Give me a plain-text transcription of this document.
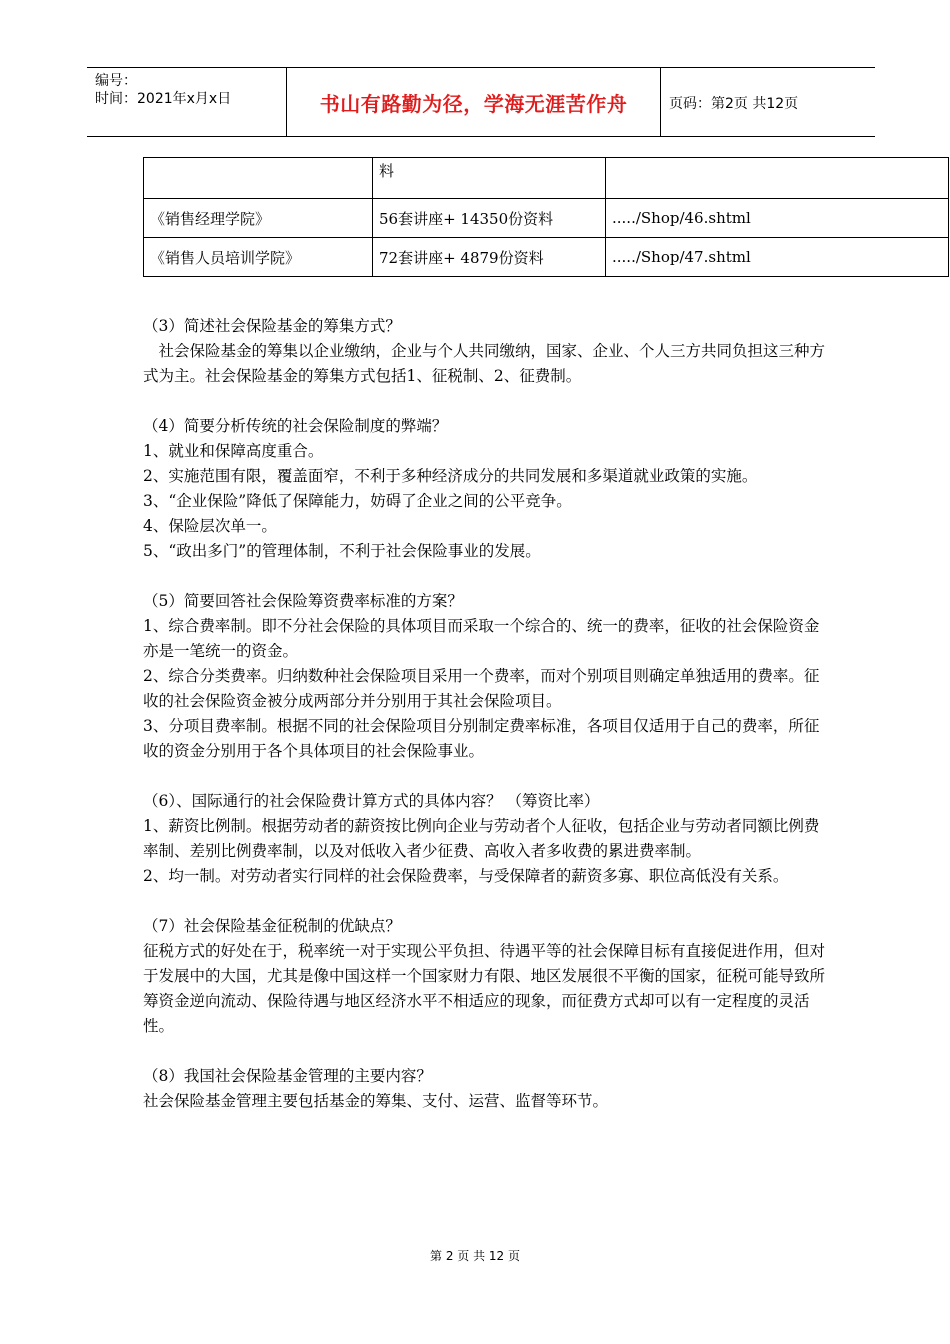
编号：
时间：2021年x月x日	书山有路勤为径，学海无涯苦作舟	页码：第2页 共12页
	料	
《销售经理学院》	56套讲座+ 14350份资料	...../Shop/46.shtml
《销售人员培训学院》	72套讲座+ 4879份资料	...../Shop/47.shtml

（3）简述社会保险基金的筹集方式？

社会保险基金的筹集以企业缴纳，企业与个人共同缴纳，国家、企业、个人三方共同负担这三种方式为主。社会保险基金的筹集方式包括1、征税制、2、征费制。

（4）简要分析传统的社会保险制度的弊端？

1、就业和保障高度重合。

2、实施范围有限，覆盖面窄，不利于多种经济成分的共同发展和多渠道就业政策的实施。

3、“企业保险”降低了保障能力，妨碍了企业之间的公平竞争。

4、保险层次单一。

5、“政出多门”的管理体制，不利于社会保险事业的发展。

（5）简要回答社会保险筹资费率标准的方案？

1、综合费率制。即不分社会保险的具体项目而采取一个综合的、统一的费率，征收的社会保险资金亦是一笔统一的资金。

2、综合分类费率。归纳数种社会保险项目采用一个费率，而对个别项目则确定单独适用的费率。征收的社会保险资金被分成两部分并分别用于其社会保险项目。

3、分项目费率制。根据不同的社会保险项目分别制定费率标准，各项目仅适用于自己的费率，所征收的资金分别用于各个具体项目的社会保险事业。

（6）、国际通行的社会保险费计算方式的具体内容？ （筹资比率）

1、薪资比例制。根据劳动者的薪资按比例向企业与劳动者个人征收，包括企业与劳动者同额比例费率制、差别比例费率制，以及对低收入者少征费、高收入者多收费的累进费率制。

2、均一制。对劳动者实行同样的社会保险费率，与受保障者的薪资多寡、职位高低没有关系。

（7）社会保险基金征税制的优缺点？

征税方式的好处在于，税率统一对于实现公平负担、待遇平等的社会保障目标有直接促进作用，但对于发展中的大国，尤其是像中国这样一个国家财力有限、地区发展很不平衡的国家，征税可能导致所筹资金逆向流动、保险待遇与地区经济水平不相适应的现象，而征费方式却可以有一定程度的灵活性。

（8）我国社会保险基金管理的主要内容？

社会保险基金管理主要包括基金的筹集、支付、运营、监督等环节。

第 2 页 共 12 页
